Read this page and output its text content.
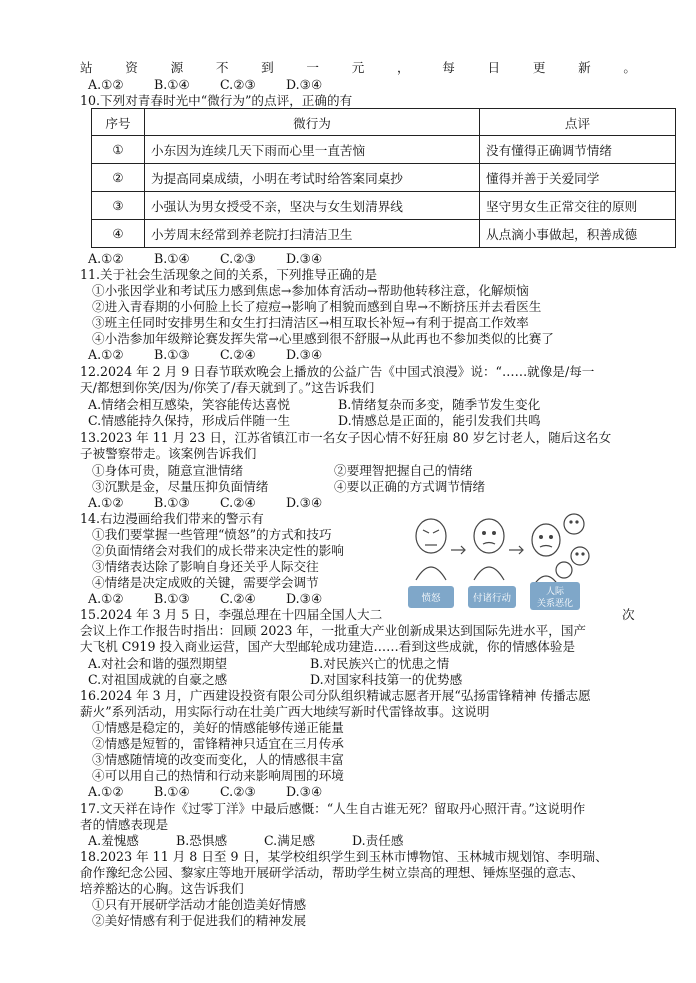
站	资	源	不	到	一	元	，	每	日	更	新	。
A.①②	B.①④	C.②③	D.③④
10.下列对青春时光中“微行为”的点评，正确的有
序号	微行为	点评
①	小东因为连续几天下雨而心里一直苦恼	没有懂得正确调节情绪
②	为提高同桌成绩，小明在考试时给答案同桌抄	懂得并善于关爱同学
③	小强认为男女授受不亲，坚决与女生划清界线	坚守男女生正常交往的原则
④	小芳周末经常到养老院打扫清洁卫生	从点滴小事做起，积善成德
A.①②	B.①④	C.②③	D.③④
11.关于社会生活现象之间的关系，下列推导正确的是
①小张因学业和考试压力感到焦虑→参加体育活动→帮助他转移注意，化解烦恼
②进入青春期的小何脸上长了痘痘→影响了相貌而感到自卑→不断挤压并去看医生
③班主任同时安排男生和女生打扫清洁区→相互取长补短→有利于提高工作效率
④小浩参加年级辩论赛发挥失常→心里感到很不舒服→从此再也不参加类似的比赛了
A.①②	B.①③	C.②④	D.③④
12.2024 年 2 月 9 日春节联欢晚会上播放的公益广告《中国式浪漫》说：“……就像是/每一
天/都想到你笑/因为/你笑了/春天就到了。”这告诉我们
A.情绪会相互感染，笑容能传达喜悦	B.情绪复杂而多变，随季节发生变化
C.情感能持久保持，形成后伴随一生	D.情感总是正面的，能引发我们共鸣
13.2023 年 11 月 23 日，江苏省镇江市一名女子因心情不好狂扇 80 岁乞讨老人，随后这名女
子被警察带走。该案例告诉我们
①身体可贵，随意宣泄情绪	②要理智把握自己的情绪
③沉默是金，尽量压抑负面情绪	④要以正确的方式调节情绪
A.①②	B.①③	C.②④	D.③④
14.右边漫画给我们带来的警示有
①我们要掌握一些管理“愤怒”的方式和技巧
②负面情绪会对我们的成长带来决定性的影响
③情绪表达除了影响自身还关乎人际交往
④情绪是决定成败的关键，需要学会调节
A.①②	B.①③	C.②④	D.③④	愤怒	付诸行动
人际
关系恶化
15.2024 年 3 月 5 日，李强总理在十四届全国人大二	次
会议上作工作报告时指出：回顾 2023 年，一批重大产业创新成果达到国际先进水平，国产
大飞机 C919 投入商业运营，国产大型邮轮成功建造……看到这些成就，你的情感体验是
A.对社会和谐的强烈期望	B.对民族兴亡的忧患之情
C.对祖国成就的自豪之感	D.对国家科技第一的优势感
16.2024 年 3 月，广西建设投资有限公司分队组织精诚志愿者开展“弘扬雷锋精神 传播志愿
薪火”系列活动，用实际行动在壮美广西大地续写新时代雷锋故事。这说明
①情感是稳定的，美好的情感能够传递正能量
②情感是短暂的，雷锋精神只适宜在三月传承
③情感随情境的改变而变化，人的情感很丰富
④可以用自己的热情和行动来影响周围的环境
A.①②	B.①④	C.②③	D.③④
17.文天祥在诗作《过零丁洋》中最后感慨：“人生自古谁无死？留取丹心照汗青。”这说明作
者的情感表现是
A.羞愧感	B.恐惧感	C.满足感	D.责任感
18.2023 年 11 月 8 日至 9 日，某学校组织学生到玉林市博物馆、玉林城市规划馆、李明瑞、
俞作豫纪念公园、黎家庄等地开展研学活动，帮助学生树立崇高的理想、锤炼坚强的意志、
培养豁达的心胸。这告诉我们
①只有开展研学活动才能创造美好情感
②美好情感有利于促进我们的精神发展
